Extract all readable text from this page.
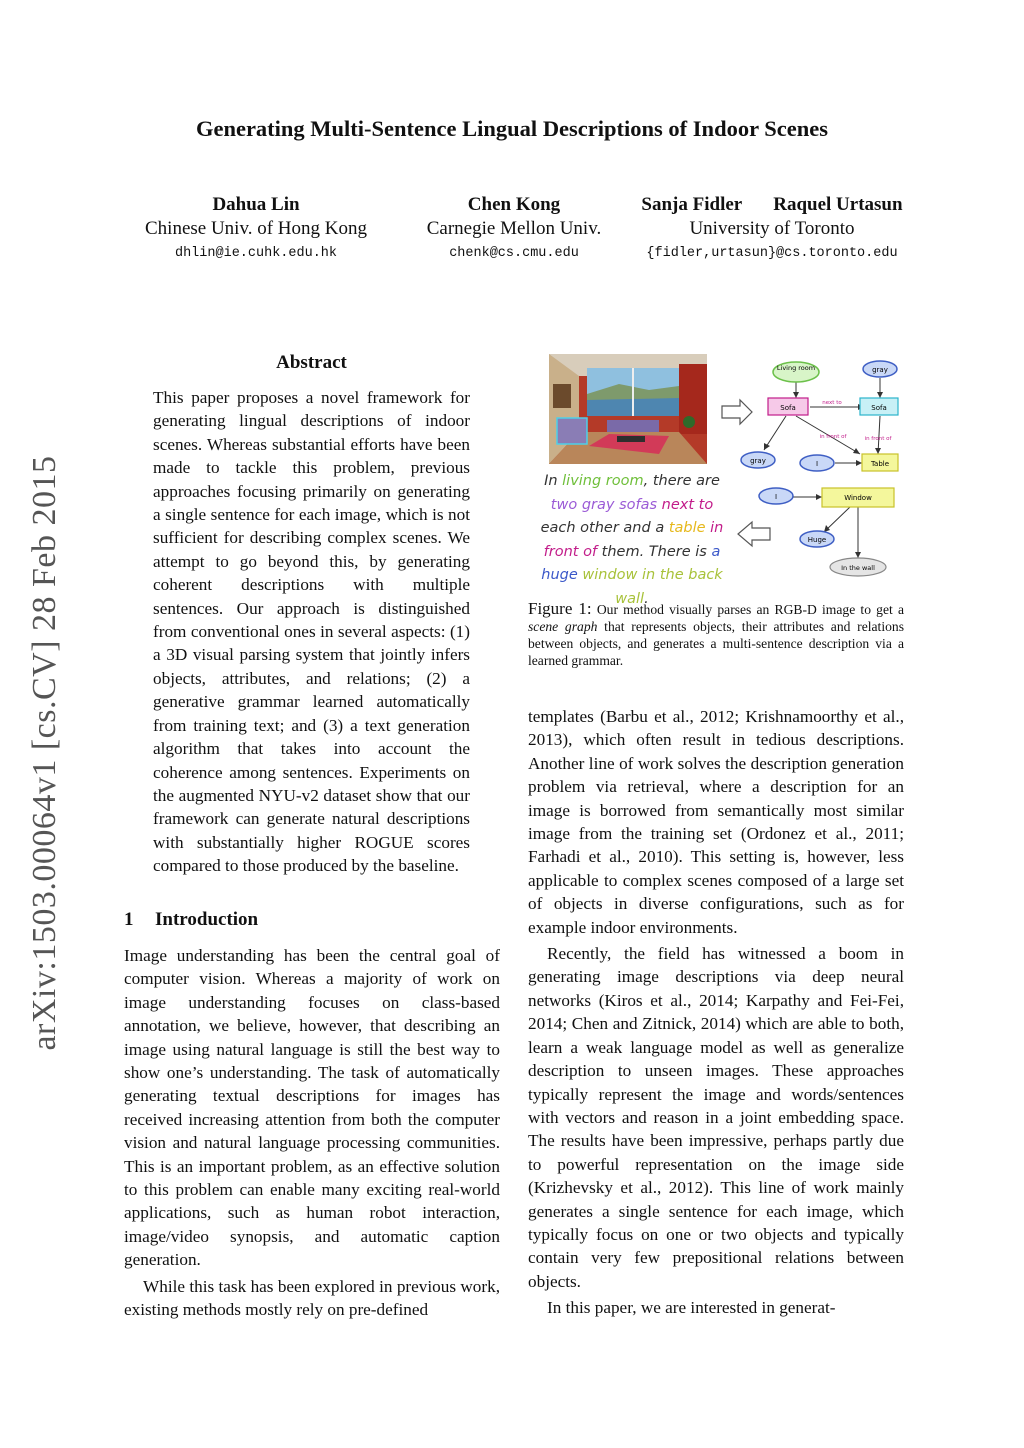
Generating Multi-Sentence Lingual Descriptions of Indoor Scenes
Dahua Lin
Chinese Univ. of Hong Kong
dhlin@ie.cuhk.edu.hk
Chen Kong
Carnegie Mellon Univ.
chenk@cs.cmu.edu
Sanja Fidler Raquel Urtasun
University of Toronto
{fidler,urtasun}@cs.toronto.edu
arXiv:1503.00064v1 [cs.CV] 28 Feb 2015
Abstract
This paper proposes a novel framework for generating lingual descriptions of indoor scenes. Whereas substantial efforts have been made to tackle this problem, previous approaches focusing primarily on generating a single sentence for each image, which is not sufficient for describing complex scenes. We attempt to go beyond this, by generating coherent descriptions with multiple sentences. Our approach is distinguished from conventional ones in several aspects: (1) a 3D visual parsing system that jointly infers objects, attributes, and relations; (2) a generative grammar learned automatically from training text; and (3) a text generation algorithm that takes into account the coherence among sentences. Experiments on the augmented NYU-v2 dataset show that our framework can generate natural descriptions with substantially higher ROGUE scores compared to those produced by the baseline.
1 Introduction

Image understanding has been the central goal of computer vision. Whereas a majority of work on image understanding focuses on class-based annotation, we believe, however, that describing an image using natural language is still the best way to show one’s understanding. The task of automatically generating textual descriptions for images has received increasing attention from both the computer vision and natural language processing communities. This is an important problem, as an effective solution to this problem can enable many exciting real-world applications, such as human robot interaction, image/video synopsis, and automatic caption generation.

While this task has been explored in previous work, existing methods mostly rely on pre-defined

In living room, there are two gray sofas next to each other and a table in front of them. There is a huge window in the back wall.
Living room	gray
Sofa
next to
Sofa
in front of	in front of
gray	I	Table
I	Window
Huge
In the wall
Figure 1: Our method visually parses an RGB-D image to get a scene graph that represents objects, their attributes and relations between objects, and generates a multi-sentence description via a learned grammar.

templates (Barbu et al., 2012; Krishnamoorthy et al., 2013), which often result in tedious descriptions. Another line of work solves the description generation problem via retrieval, where a description for an image is borrowed from semantically most similar image from the training set (Ordonez et al., 2011; Farhadi et al., 2010). This setting is, however, less applicable to complex scenes composed of a large set of objects in diverse configurations, such as for example indoor environments.

Recently, the field has witnessed a boom in generating image descriptions via deep neural networks (Kiros et al., 2014; Karpathy and Fei-Fei, 2014; Chen and Zitnick, 2014) which are able to both, learn a weak language model as well as generalize description to unseen images. These approaches typically represent the image and words/sentences with vectors and reason in a joint embedding space. The results have been impressive, perhaps partly due to powerful representation on the image side (Krizhevsky et al., 2012). This line of work mainly generates a single sentence for each image, which typically focus on one or two objects and typically contain very few prepositional relations between objects.

In this paper, we are interested in generat-
